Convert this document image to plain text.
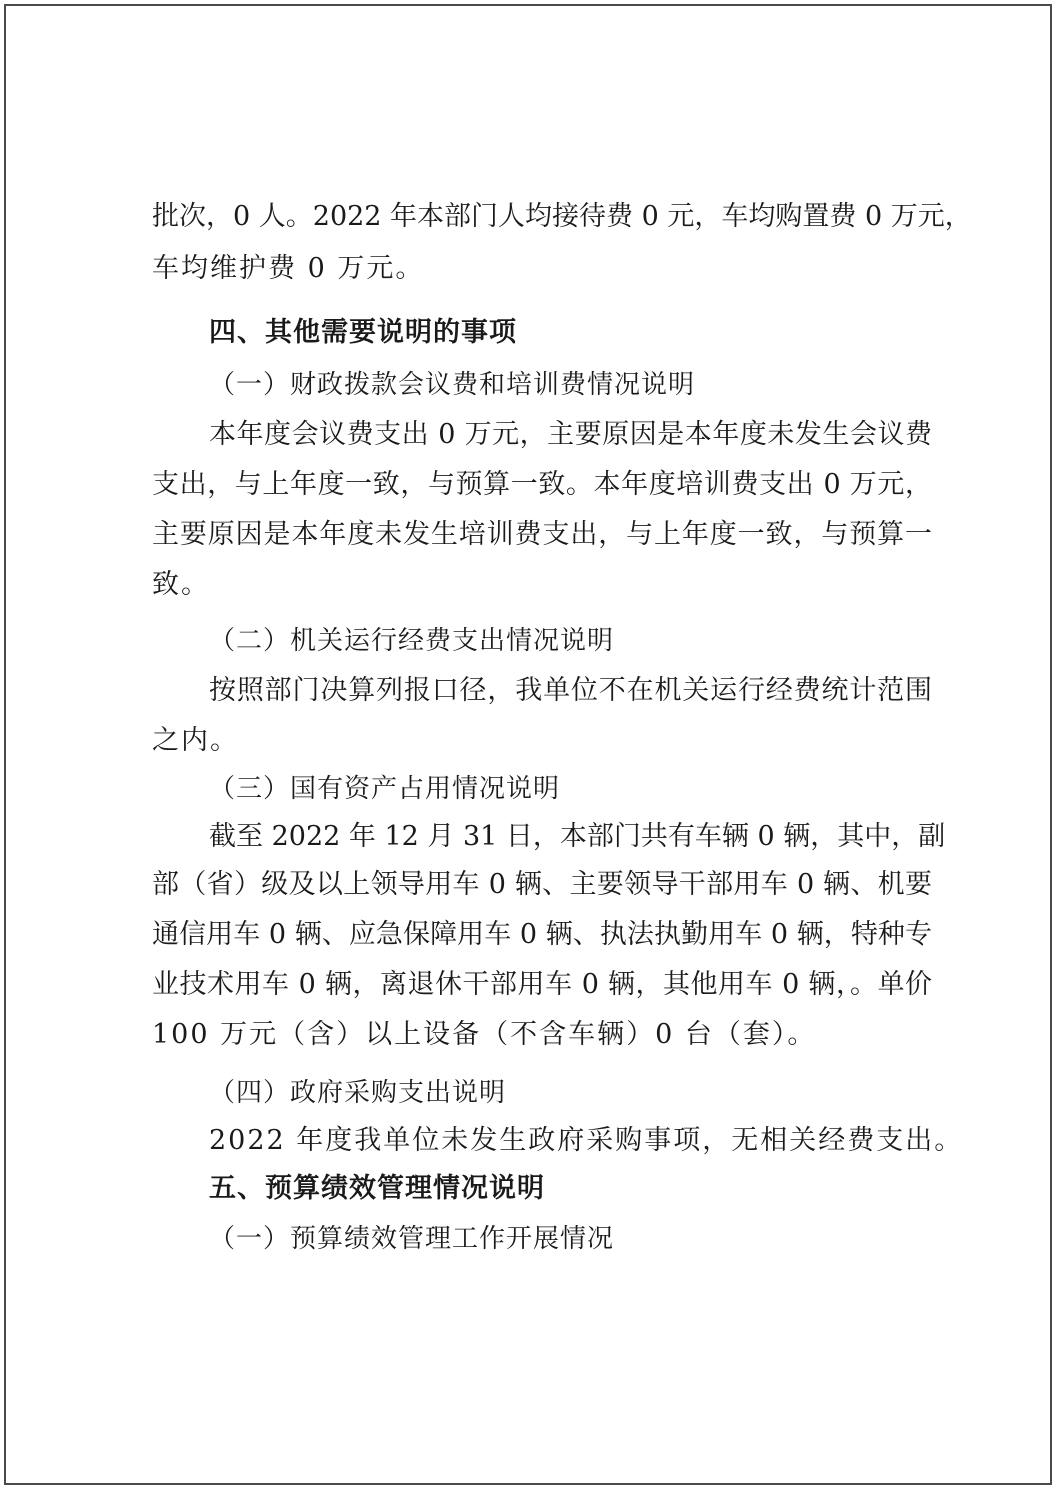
批次，0 人。2022 年本部门人均接待费 0 元，车均购置费 0 万元，
车均维护费 0 万元。
四、其他需要说明的事项
（一）财政拨款会议费和培训费情况说明
本年度会议费支出 0 万元，主要原因是本年度未发生会议费
支出，与上年度一致，与预算一致。本年度培训费支出 0 万元，
主要原因是本年度未发生培训费支出，与上年度一致，与预算一
致。
（二）机关运行经费支出情况说明
按照部门决算列报口径，我单位不在机关运行经费统计范围
之内。
（三）国有资产占用情况说明
截至 2022 年 12 月 31 日，本部门共有车辆 0 辆，其中，副
部（省）级及以上领导用车 0 辆、主要领导干部用车 0 辆、机要
通信用车 0 辆、应急保障用车 0 辆、执法执勤用车 0 辆，特种专
业技术用车 0 辆，离退休干部用车 0 辆，其他用车 0 辆，。单价
100 万元（含）以上设备（不含车辆）0 台（套）。
（四）政府采购支出说明
2022 年度我单位未发生政府采购事项，无相关经费支出。
五、预算绩效管理情况说明
（一）预算绩效管理工作开展情况
